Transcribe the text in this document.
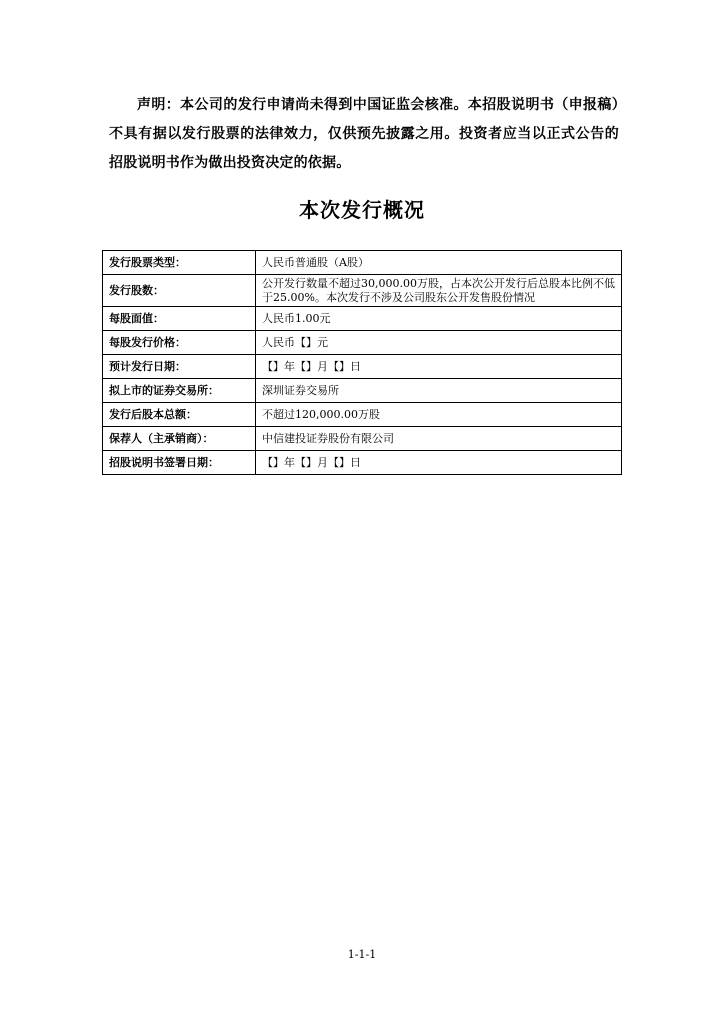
声明：本公司的发行申请尚未得到中国证监会核准。本招股说明书（申报稿）不具有据以发行股票的法律效力，仅供预先披露之用。投资者应当以正式公告的招股说明书作为做出投资决定的依据。
本次发行概况
发行股票类型：	人民币普通股（A股）
发行股数：	公开发行数量不超过30,000.00万股，占本次公开发行后总股本比例不低于25.00%。本次发行不涉及公司股东公开发售股份情况
每股面值：	人民币1.00元
每股发行价格：	人民币【】元
预计发行日期：	【】年【】月【】日
拟上市的证券交易所：	深圳证券交易所
发行后股本总额：	不超过120,000.00万股
保荐人（主承销商）：	中信建投证券股份有限公司
招股说明书签署日期：	【】年【】月【】日
1-1-1
